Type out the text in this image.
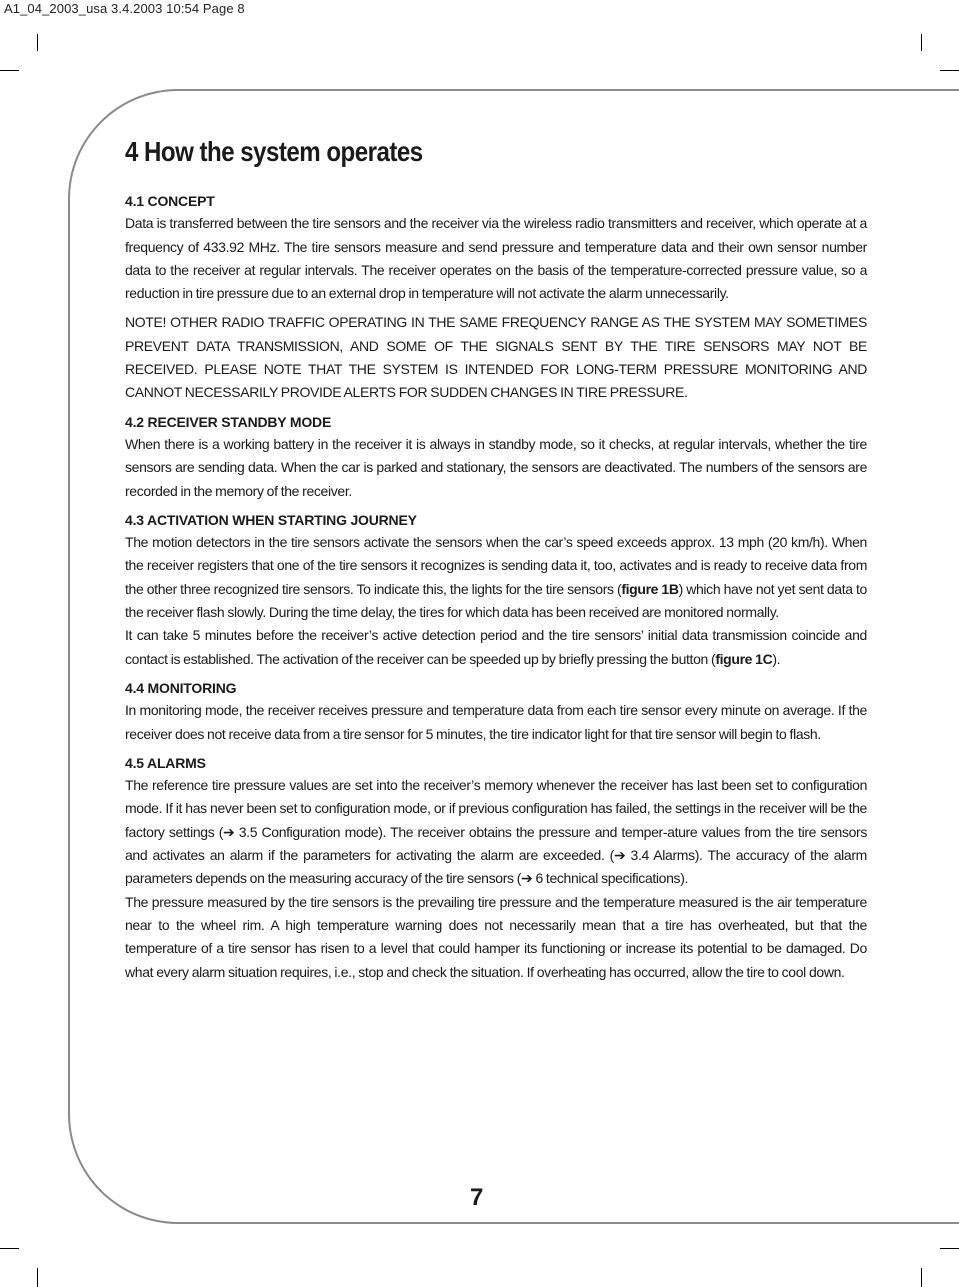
A1_04_2003_usa 3.4.2003 10:54 Page 8
4 How the system operates
4.1 CONCEPT

Data is transferred between the tire sensors and the receiver via the wireless radio transmitters and receiver, which operate at a frequency of 433.92 MHz. The tire sensors measure and send pressure and temperature data and their own sensor number data to the receiver at regular intervals. The receiver operates on the basis of the temperature-corrected pressure value, so a reduction in tire pressure due to an external drop in temperature will not activate the alarm unnecessarily.

NOTE! OTHER RADIO TRAFFIC OPERATING IN THE SAME FREQUENCY RANGE AS THE SYSTEM MAY SOMETIMES PREVENT DATA TRANSMISSION, AND SOME OF THE SIGNALS SENT BY THE TIRE SENSORS MAY NOT BE RECEIVED. PLEASE NOTE THAT THE SYSTEM IS INTENDED FOR LONG-TERM PRESSURE MONITORING AND CANNOT NECESSARILY PROVIDE ALERTS FOR SUDDEN CHANGES IN TIRE PRESSURE.

4.2 RECEIVER STANDBY MODE

When there is a working battery in the receiver it is always in standby mode, so it checks, at regular intervals, whether the tire sensors are sending data. When the car is parked and stationary, the sensors are deactivated. The numbers of the sensors are recorded in the memory of the receiver.

4.3 ACTIVATION WHEN STARTING JOURNEY

The motion detectors in the tire sensors activate the sensors when the car’s speed exceeds approx. 13 mph (20 km/h). When the receiver registers that one of the tire sensors it recognizes is sending data it, too, activates and is ready to receive data from the other three recognized tire sensors. To indicate this, the lights for the tire sensors (figure 1B) which have not yet sent data to the receiver flash slowly. During the time delay, the tires for which data has been received are monitored normally.

It can take 5 minutes before the receiver’s active detection period and the tire sensors’ initial data transmission coincide and contact is established. The activation of the receiver can be speeded up by briefly pressing the button (figure 1C).

4.4 MONITORING

In monitoring mode, the receiver receives pressure and temperature data from each tire sensor every minute on average. If the receiver does not receive data from a tire sensor for 5 minutes, the tire indicator light for that tire sensor will begin to flash.

4.5 ALARMS

The reference tire pressure values are set into the receiver’s memory whenever the receiver has last been set to configuration mode. If it has never been set to configuration mode, or if previous configuration has failed, the settings in the receiver will be the factory settings (➔ 3.5 Configuration mode). The receiver obtains the pressure and temper-ature values from the tire sensors and activates an alarm if the parameters for activating the alarm are exceeded. (➔ 3.4 Alarms). The accuracy of the alarm parameters depends on the measuring accuracy of the tire sensors (➔ 6 technical specifications).

The pressure measured by the tire sensors is the prevailing tire pressure and the temperature measured is the air temperature near to the wheel rim. A high temperature warning does not necessarily mean that a tire has overheated, but that the temperature of a tire sensor has risen to a level that could hamper its functioning or increase its potential to be damaged. Do what every alarm situation requires, i.e., stop and check the situation. If overheating has occurred, allow the tire to cool down.

7
